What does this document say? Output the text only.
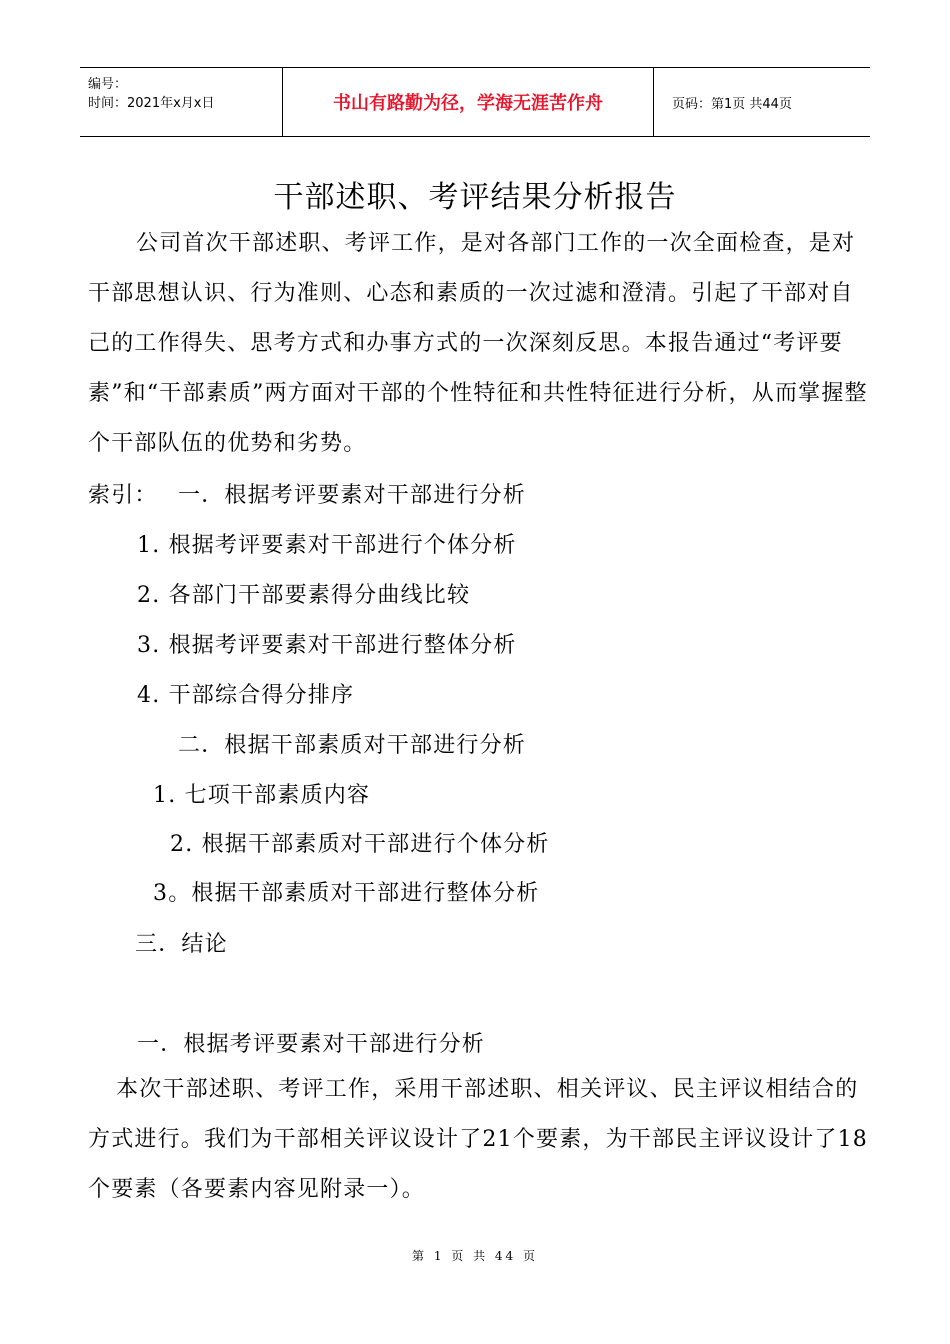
编号：
时间：2021年x月x日	书山有路勤为径，学海无涯苦作舟	页码：第1页 共44页
干部述职、考评结果分析报告

公司首次干部述职、考评工作，是对各部门工作的一次全面检查，是对干部思想认识、行为准则、心态和素质的一次过滤和澄清。引起了干部对自己的工作得失、思考方式和办事方式的一次深刻反思。本报告通过“考评要素”和“干部素质”两方面对干部的个性特征和共性特征进行分析，从而掌握整个干部队伍的优势和劣势。

索引： 一．根据考评要素对干部进行分析
1. 根据考评要素对干部进行个体分析
2. 各部门干部要素得分曲线比较
3. 根据考评要素对干部进行整体分析
4. 干部综合得分排序
二．根据干部素质对干部进行分析
1. 七项干部素质内容
2. 根据干部素质对干部进行个体分析
3。根据干部素质对干部进行整体分析
三．结论
一．根据考评要素对干部进行分析

本次干部述职、考评工作，采用干部述职、相关评议、民主评议相结合的方式进行。我们为干部相关评议设计了21个要素，为干部民主评议设计了18个要素（各要素内容见附录一）。

第 1 页 共 44 页
